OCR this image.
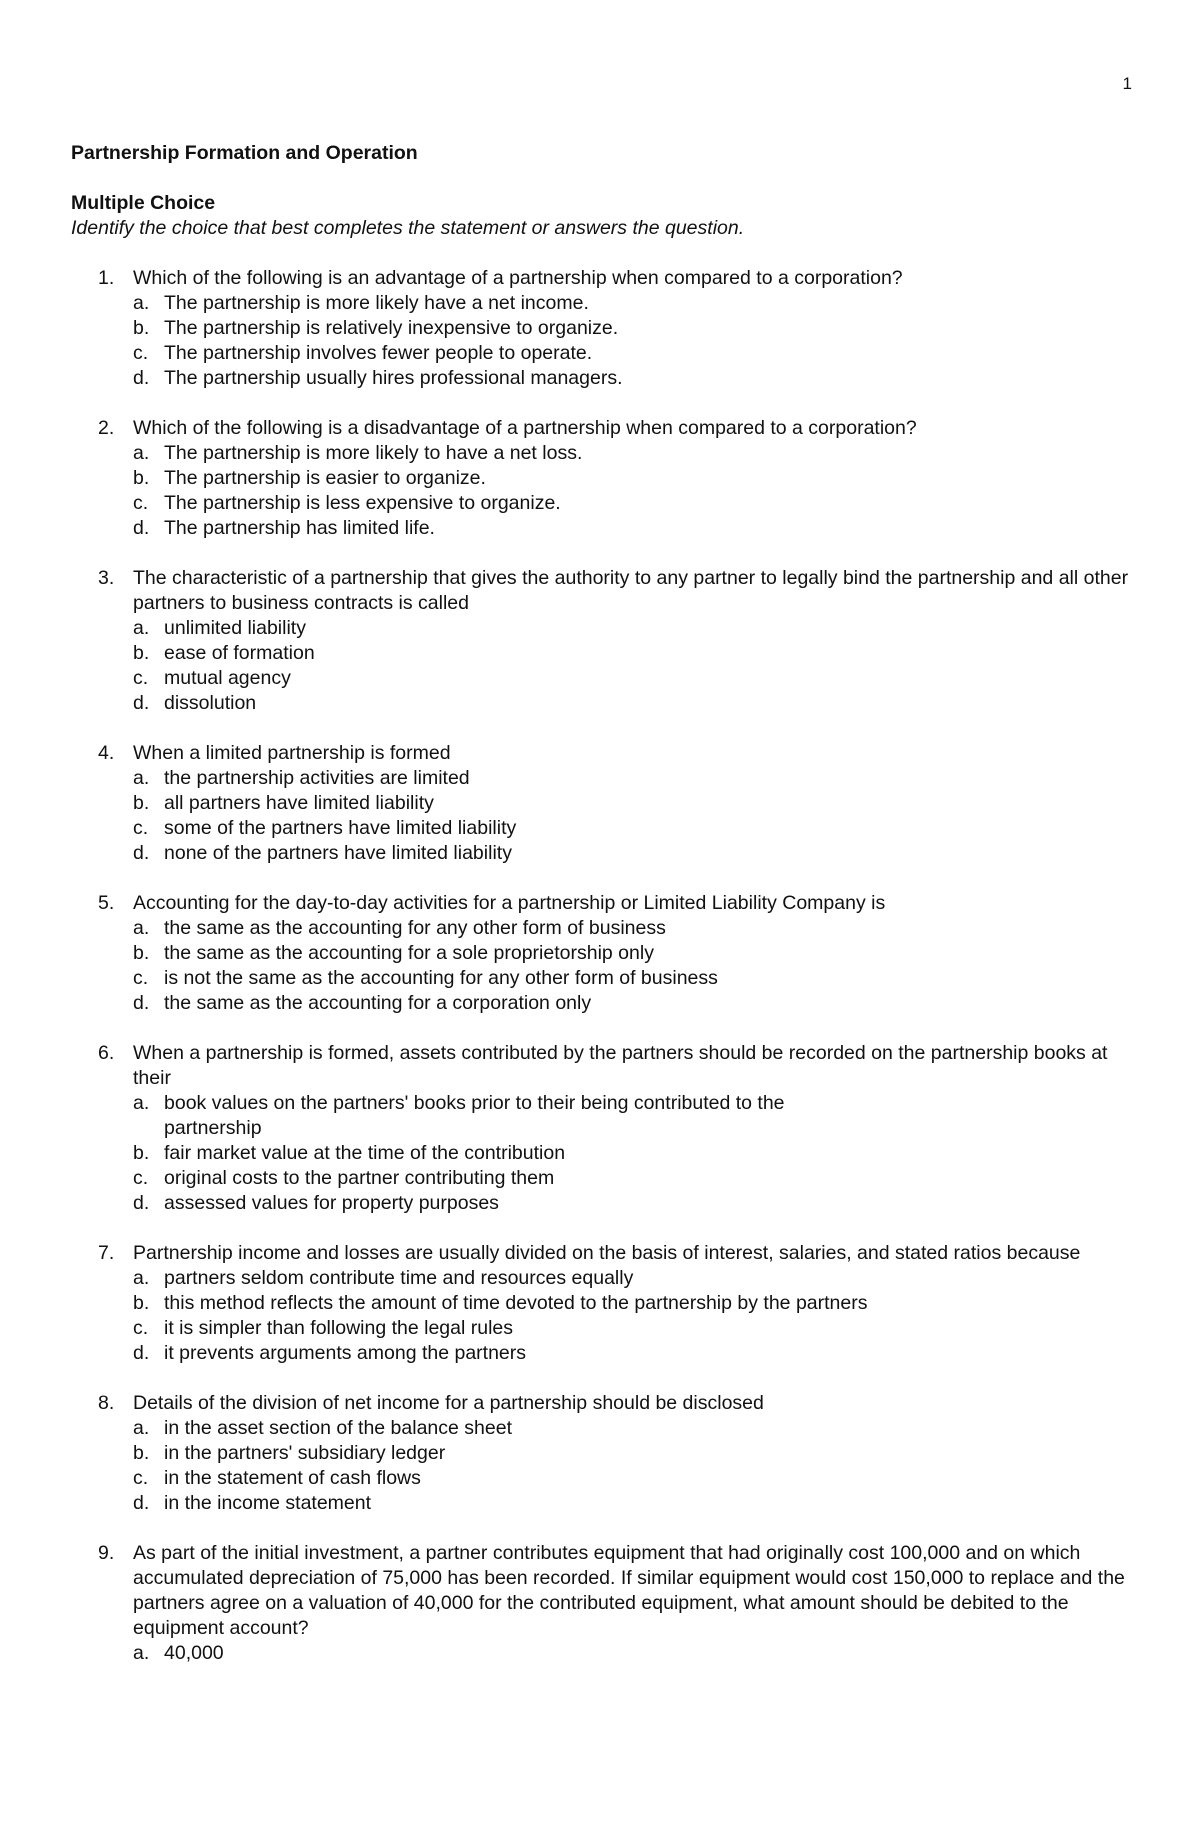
1
Partnership Formation and Operation
Multiple Choice
Identify the choice that best completes the statement or answers the question.
1. Which of the following is an advantage of a partnership when compared to a corporation?
a. The partnership is more likely have a net income.
b. The partnership is relatively inexpensive to organize.
c. The partnership involves fewer people to operate.
d. The partnership usually hires professional managers.
2. Which of the following is a disadvantage of a partnership when compared to a corporation?
a. The partnership is more likely to have a net loss.
b. The partnership is easier to organize.
c. The partnership is less expensive to organize.
d. The partnership has limited life.
3. The characteristic of a partnership that gives the authority to any partner to legally bind the partnership and all other partners to business contracts is called
a. unlimited liability
b. ease of formation
c. mutual agency
d. dissolution
4. When a limited partnership is formed
a. the partnership activities are limited
b. all partners have limited liability
c. some of the partners have limited liability
d. none of the partners have limited liability
5. Accounting for the day-to-day activities for a partnership or Limited Liability Company is
a. the same as the accounting for any other form of business
b. the same as the accounting for a sole proprietorship only
c. is not the same as the accounting for any other form of business
d. the same as the accounting for a corporation only
6. When a partnership is formed, assets contributed by the partners should be recorded on the partnership books at their
a. book values on the partners' books prior to their being contributed to the partnership
b. fair market value at the time of the contribution
c. original costs to the partner contributing them
d. assessed values for property purposes
7. Partnership income and losses are usually divided on the basis of interest, salaries, and stated ratios because
a. partners seldom contribute time and resources equally
b. this method reflects the amount of time devoted to the partnership by the partners
c. it is simpler than following the legal rules
d. it prevents arguments among the partners
8. Details of the division of net income for a partnership should be disclosed
a. in the asset section of the balance sheet
b. in the partners' subsidiary ledger
c. in the statement of cash flows
d. in the income statement
9. As part of the initial investment, a partner contributes equipment that had originally cost 100,000 and on which accumulated depreciation of 75,000 has been recorded. If similar equipment would cost 150,000 to replace and the partners agree on a valuation of 40,000 for the contributed equipment, what amount should be debited to the equipment account?
a. 40,000
